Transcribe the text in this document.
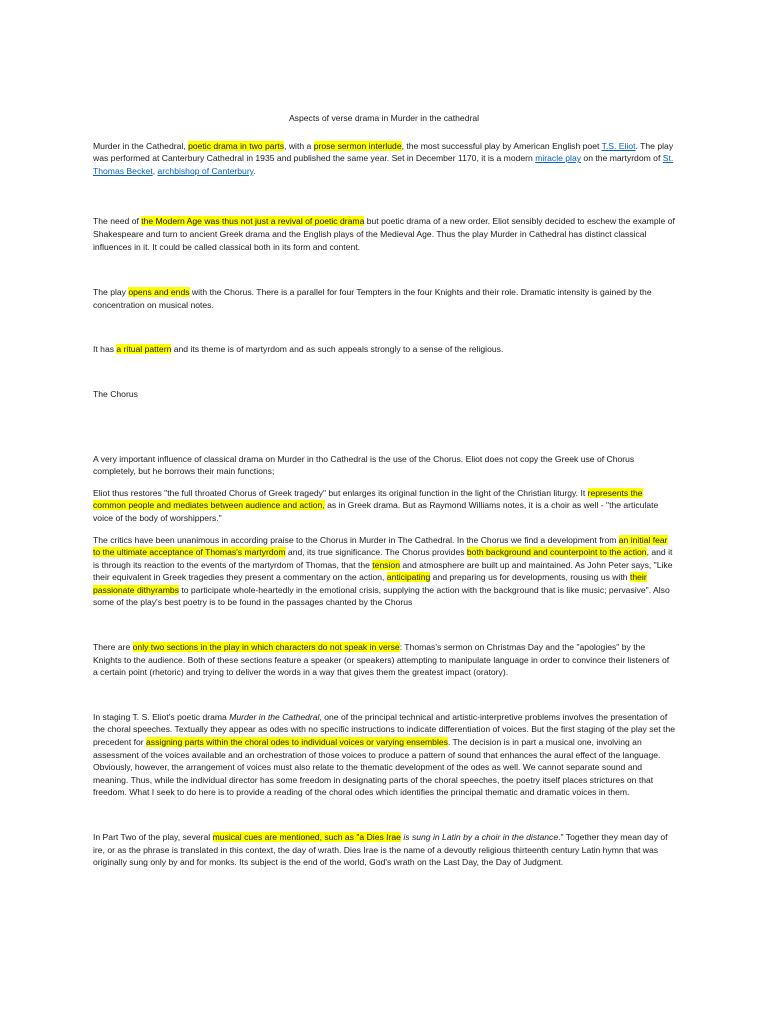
Aspects of verse drama in Murder in the cathedral

Murder in the Cathedral, poetic drama in two parts, with a prose sermon interlude, the most successful play by American English poet T.S. Eliot. The play was performed at Canterbury Cathedral in 1935 and published the same year. Set in December 1170, it is a modern miracle play on the martyrdom of St. Thomas Becket, archbishop of Canterbury.

The need of the Modern Age was thus not just a revival of poetic drama but poetic drama of a new order. Eliot sensibly decided to eschew the example of Shakespeare and turn to ancient Greek drama and the English plays of the Medieval Age. Thus the play Murder in Cathedral has distinct classical influences in it. It could be called classical both in its form and content.

The play opens and ends with the Chorus. There is a parallel for four Tempters in the four Knights and their role. Dramatic intensity is gained by the concentration on musical notes.

It has a ritual pattern and its theme is of martyrdom and as such appeals strongly to a sense of the religious.

The Chorus

A very important influence of classical drama on Murder in tho Cathedral is the use of the Chorus. Eliot does not copy the Greek use of Chorus completely, but he borrows their main functions;

Eliot thus restores "the full throated Chorus of Greek tragedy" but enlarges its original function in the light of the Christian liturgy. It represents the common people and mediates between audience and action, as in Greek drama. But as Raymond Williams notes, it is a choir as well - "the articulate voice of the body of worshippers."

The critics have been unanimous in according praise to the Chorus in Murder in The Cathedral. In the Chorus we find a development from an initial fear to the ultimate acceptance of Thomas's martyrdom and, its true significance. The Chorus provides both background and counterpoint to the action, and it is through its reaction to the events of the martyrdom of Thomas, that the tension and atmosphere are built up and maintained. As John Peter says, "Like their equivalent in Greek tragedies they present a commentary on the action, anticipating and preparing us for developments, rousing us with their passionate dithyrambs to participate whole-heartedly in the emotional crisis, supplying the action with the background that is like music; pervasive". Also some of the play's best poetry is to be found in the passages chanted by the Chorus

There are only two sections in the play in which characters do not speak in verse: Thomas's sermon on Christmas Day and the "apologies" by the Knights to the audience. Both of these sections feature a speaker (or speakers) attempting to manipulate language in order to convince their listeners of a certain point (rhetoric) and trying to deliver the words in a way that gives them the greatest impact (oratory).

In staging T. S. Eliot's poetic drama Murder in the Cathedral, one of the principal technical and artistic-interpretive problems involves the presentation of the choral speeches. Textually they appear as odes with no specific instructions to indicate differentiation of voices. But the first staging of the play set the precedent for assigning parts within the choral odes to individual voices or varying ensembles. The decision is in part a musical one, involving an assessment of the voices available and an orchestration of those voices to produce a pattern of sound that enhances the aural effect of the language. Obviously, however, the arrangement of voices must also relate to the thematic development of the odes as well. We cannot separate sound and meaning. Thus, while the individual director has some freedom in designating parts of the choral speeches, the poetry itself places strictures on that freedom. What I seek to do here is to provide a reading of the choral odes which identifies the principal thematic and dramatic voices in them.

In Part Two of the play, several musical cues are mentioned, such as "a Dies Irae is sung in Latin by a choir in the distance." Together they mean day of ire, or as the phrase is translated in this context, the day of wrath. Dies Irae is the name of a devoutly religious thirteenth century Latin hymn that was originally sung only by and for monks. Its subject is the end of the world, God's wrath on the Last Day, the Day of Judgment.
